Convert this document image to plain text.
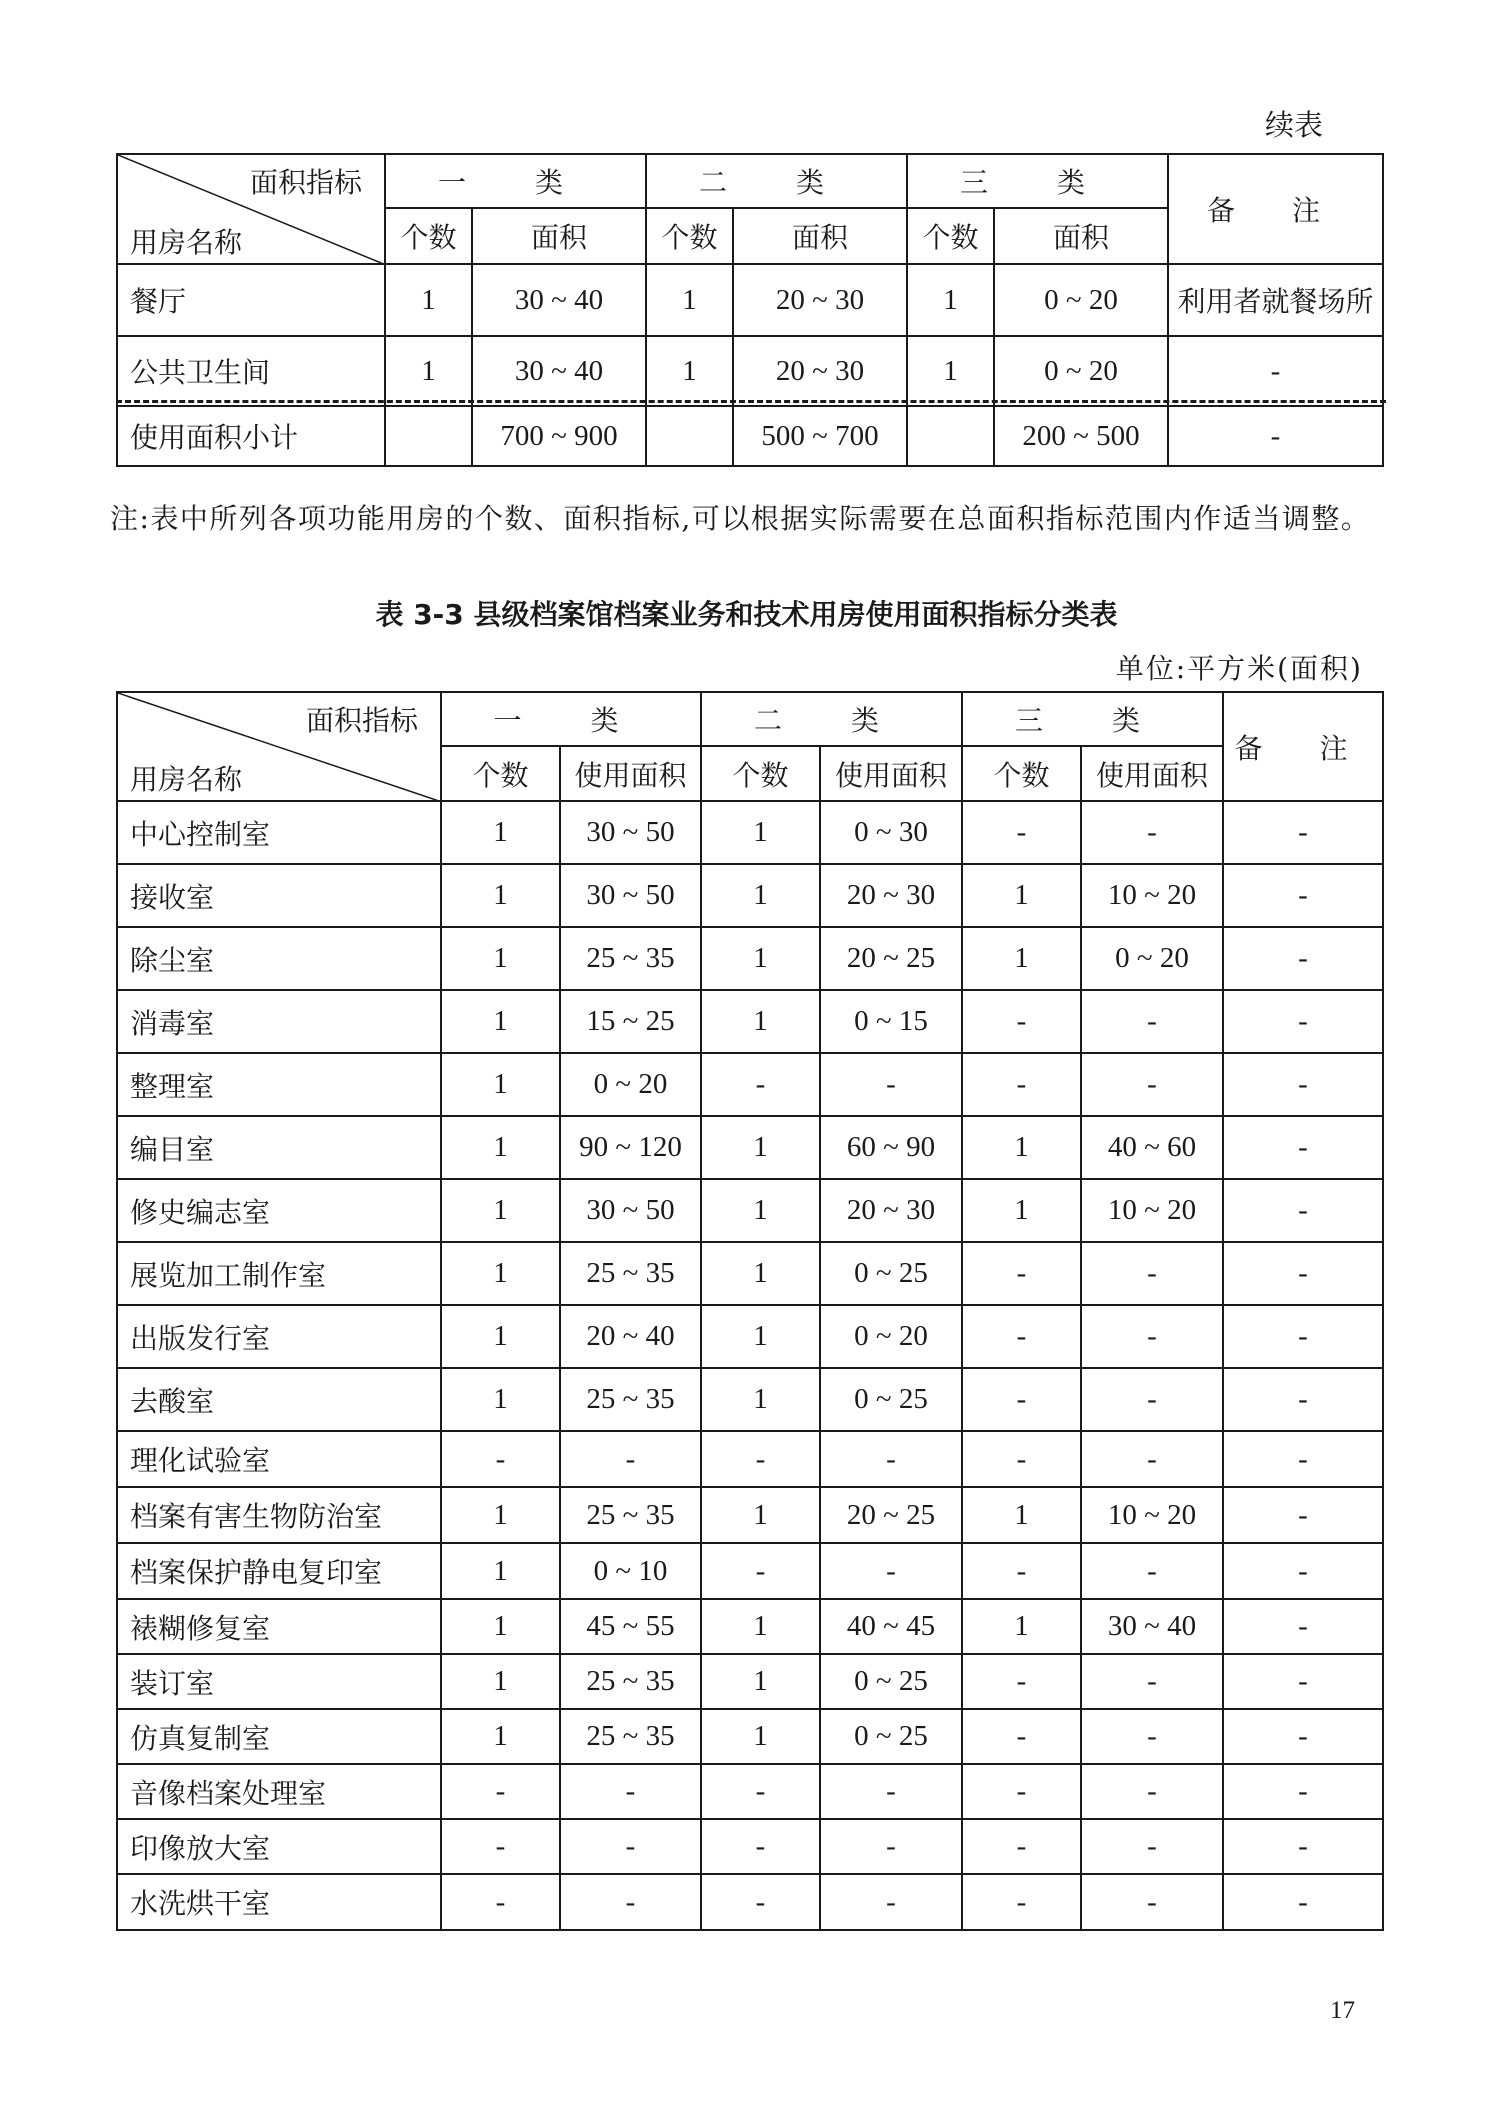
续表
面积指标
用房名称	一 类		二 类		三 类		备 注
	个数	面积	个数	面积	个数	面积	
餐厅	1	30 ~ 40	1	20 ~ 30	1	0 ~ 20	利用者就餐场所
公共卫生间	1	30 ~ 40	1	20 ~ 30	1	0 ~ 20	-
使用面积小计		700 ~ 900		500 ~ 700		200 ~ 500	-
注:表中所列各项功能用房的个数、面积指标,可以根据实际需要在总面积指标范围内作适当调整。
表 3-3 县级档案馆档案业务和技术用房使用面积指标分类表
单位:平方米(面积)
面积指标
用房名称	一 类		二 类		三 类		备 注
	个数	使用面积	个数	使用面积	个数	使用面积	
中心控制室	1	30 ~ 50	1	0 ~ 30	-	-	-
接收室	1	30 ~ 50	1	20 ~ 30	1	10 ~ 20	-
除尘室	1	25 ~ 35	1	20 ~ 25	1	0 ~ 20	-
消毒室	1	15 ~ 25	1	0 ~ 15	-	-	-
整理室	1	0 ~ 20	-	-	-	-	-
编目室	1	90 ~ 120	1	60 ~ 90	1	40 ~ 60	-
修史编志室	1	30 ~ 50	1	20 ~ 30	1	10 ~ 20	-
展览加工制作室	1	25 ~ 35	1	0 ~ 25	-	-	-
出版发行室	1	20 ~ 40	1	0 ~ 20	-	-	-
去酸室	1	25 ~ 35	1	0 ~ 25	-	-	-
理化试验室	-	-	-	-	-	-	-
档案有害生物防治室	1	25 ~ 35	1	20 ~ 25	1	10 ~ 20	-
档案保护静电复印室	1	0 ~ 10	-	-	-	-	-
裱糊修复室	1	45 ~ 55	1	40 ~ 45	1	30 ~ 40	-
装订室	1	25 ~ 35	1	0 ~ 25	-	-	-
仿真复制室	1	25 ~ 35	1	0 ~ 25	-	-	-
音像档案处理室	-	-	-	-	-	-	-
印像放大室	-	-	-	-	-	-	-
水洗烘干室	-	-	-	-	-	-	-
17
